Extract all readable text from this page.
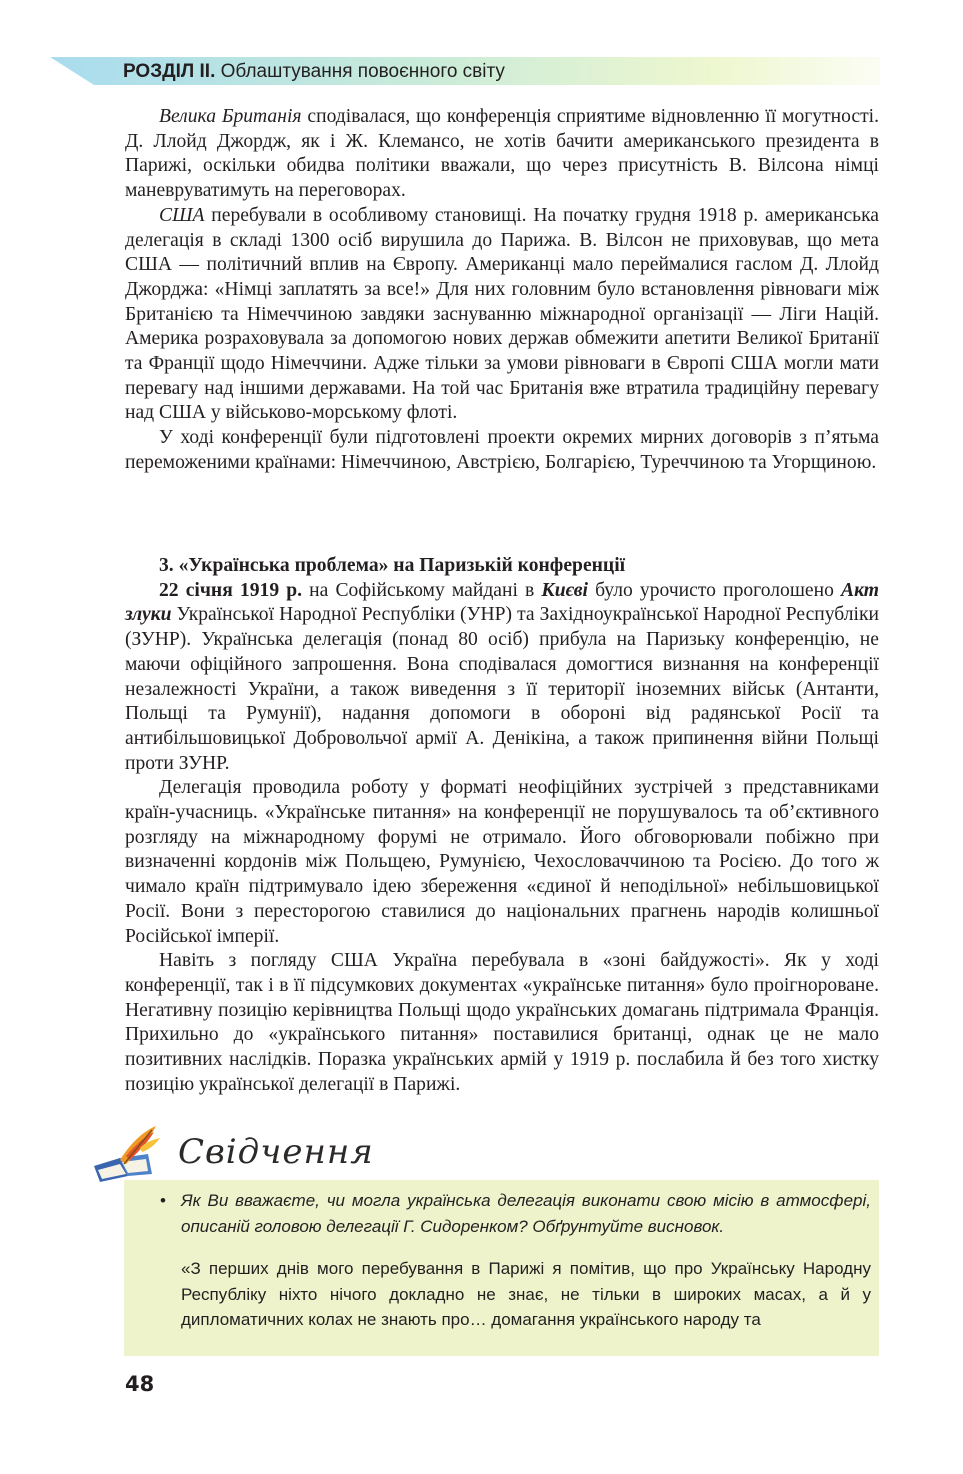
РОЗДІЛ ІІ. Облаштування повоєнного світу

Велика Британія сподівалася, що конференція сприятиме відновленню її могутності. Д. Ллойд Джордж, як і Ж. Клемансо, не хотів бачити американського президента в Парижі, оскільки обидва політики вважали, що через присутність В. Вілсона німці маневруватимуть на переговорах.

США перебували в особливому становищі. На початку грудня 1918 р. американська делегація в складі 1300 осіб вирушила до Парижа. В. Вілсон не приховував, що мета США — політичний вплив на Європу. Американці мало переймалися гаслом Д. Ллойд Джорджа: «Німці заплатять за все!» Для них головним було встановлення рівноваги між Британією та Німеччиною завдяки заснуванню міжнародної організації — Ліги Націй. Америка розраховувала за допомогою нових держав обмежити апетити Великої Британії та Франції щодо Німеччини. Адже тільки за умови рівноваги в Європі США могли мати перевагу над іншими державами. На той час Британія вже втратила традиційну перевагу над США у військово-морському флоті.

У ході конференції були підготовлені проекти окремих мирних договорів з п’ятьма переможеними країнами: Німеччиною, Австрією, Болгарією, Туреччиною та Угорщиною.

3. «Українська проблема» на Паризькій конференції

22 січня 1919 р. на Софійському майдані в Києві було урочисто проголошено Акт злуки Української Народної Республіки (УНР) та Західноукраїнської Народної Республіки (ЗУНР). Українська делегація (понад 80 осіб) прибула на Паризьку конференцію, не маючи офіційного запрошення. Вона сподівалася домогтися визнання на конференції незалежності України, а також виведення з її території іноземних військ (Антанти, Польщі та Румунії), надання допомоги в обороні від радянської Росії та антибільшовицької Добровольчої армії А. Денікіна, а також припинення війни Польщі проти ЗУНР.

Делегація проводила роботу у форматі неофіційних зустрічей з представниками країн-учасниць. «Українське питання» на конференції не порушувалось та об’єктивного розгляду на міжнародному форумі не отримало. Його обговорювали побіжно при визначенні кордонів між Польщею, Румунією, Чехословаччиною та Росією. До того ж чимало країн підтримувало ідею збереження «єдиної й неподільної» небільшовицької Росії. Вони з пересторогою ставилися до національних прагнень народів колишньої Російської імперії.

Навіть з погляду США Україна перебувала в «зоні байдужості». Як у ході конференції, так і в її підсумкових документах «українське питання» було проігнороване. Негативну позицію керівництва Польщі щодо українських домагань підтримала Франція. Прихильно до «українського питання» поставилися британці, однак це не мало позитивних наслідків. Поразка українських армій у 1919 р. послабила й без того хистку позицію української делегації в Парижі.

Свідчення
• Як Ви вважаєте, чи могла українська делегація виконати свою місію в атмосфері, описаній головою делегації Г. Сидоренком? Обґрунтуйте висновок.
«З перших днів мого перебування в Парижі я помітив, що про Українську Народну Республіку ніхто нічого докладно не знає, не тільки в широких масах, а й у дипломатичних колах не знають про… домагання українського народу та
48
